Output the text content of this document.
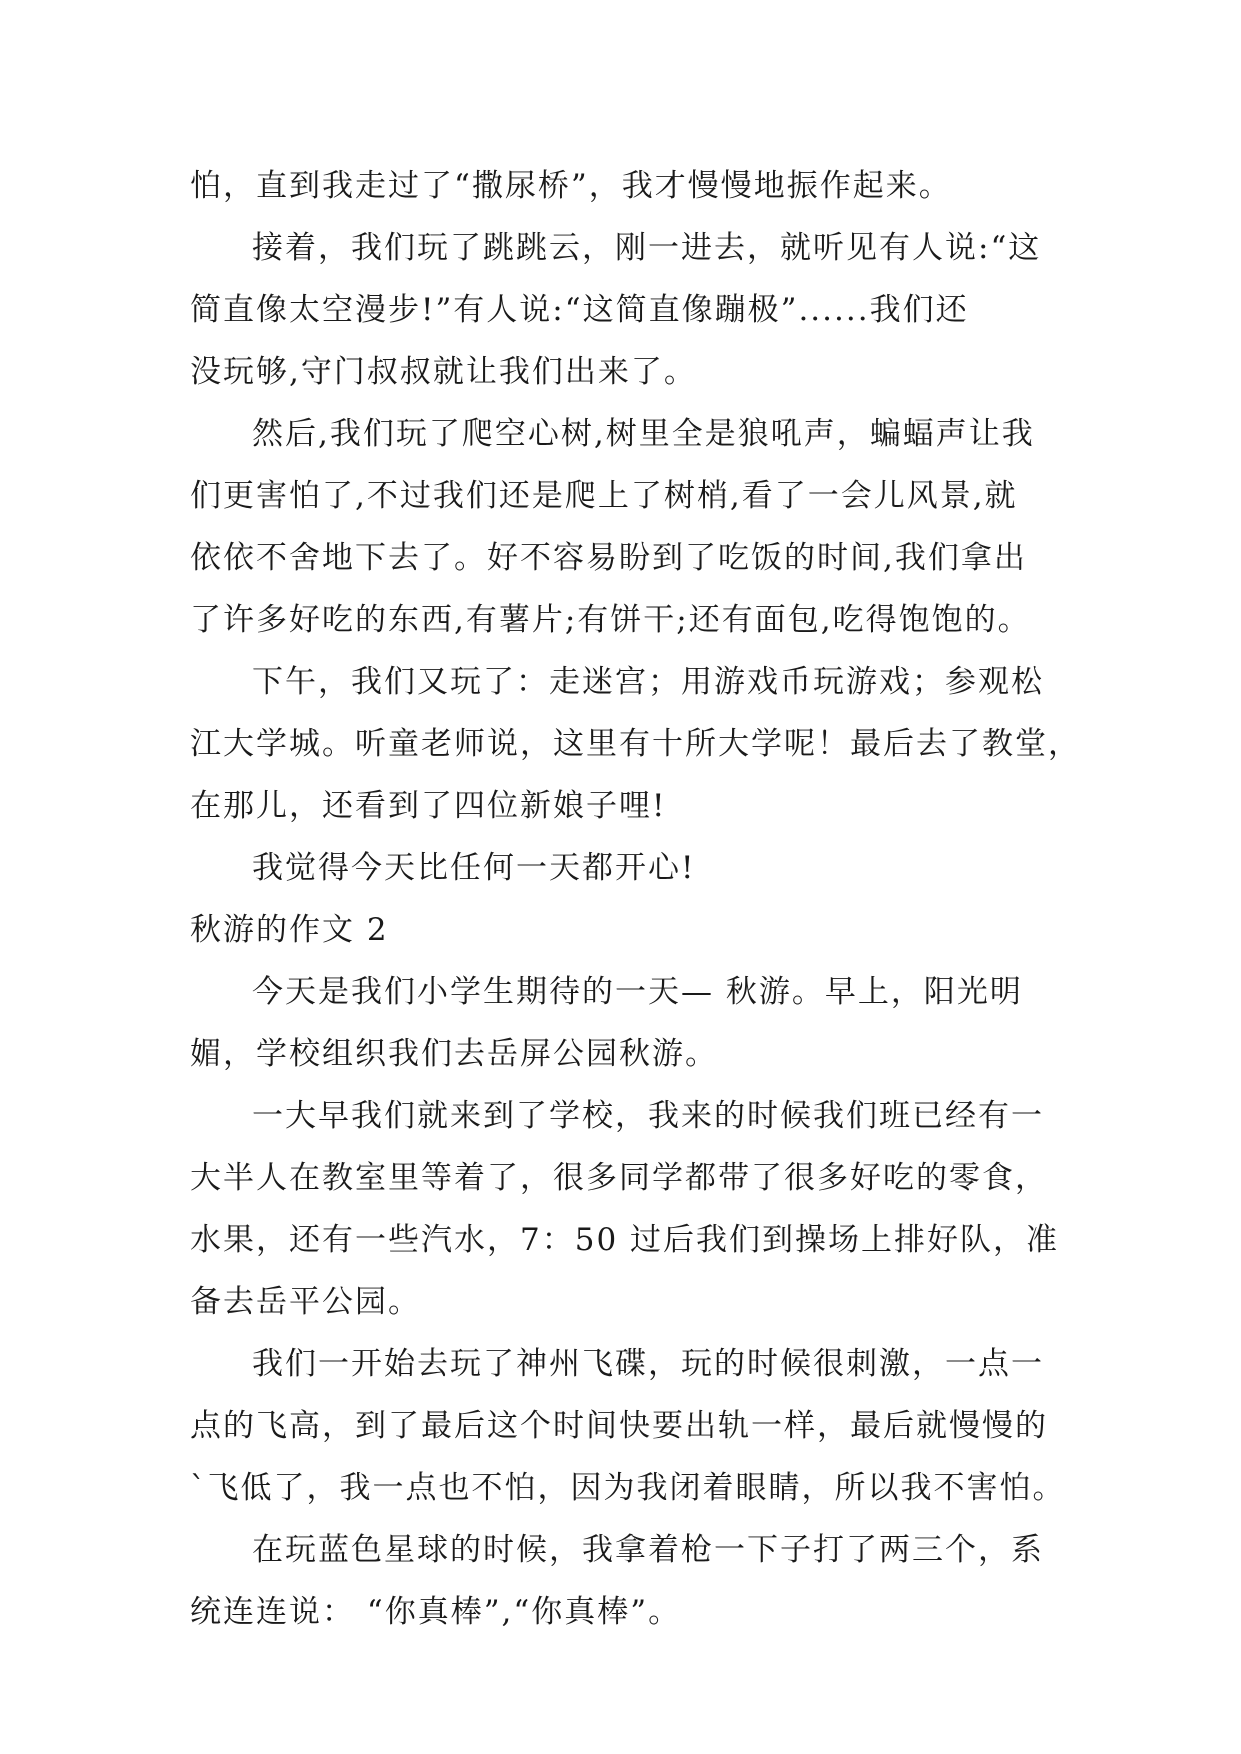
怕，直到我走过了“撒尿桥”，我才慢慢地振作起来。
接着，我们玩了跳跳云，刚一进去，就听见有人说:“这
简直像太空漫步!”有人说:“这简直像蹦极”......我们还
没玩够,守门叔叔就让我们出来了。
然后,我们玩了爬空心树,树里全是狼吼声，蝙蝠声让我
们更害怕了,不过我们还是爬上了树梢,看了一会儿风景,就
依依不舍地下去了。好不容易盼到了吃饭的时间,我们拿出
了许多好吃的东西,有薯片;有饼干;还有面包,吃得饱饱的。
下午，我们又玩了：走迷宫；用游戏币玩游戏；参观松
江大学城。听童老师说，这里有十所大学呢！最后去了教堂，
在那儿，还看到了四位新娘子哩!
我觉得今天比任何一天都开心!
秋游的作文 2
今天是我们小学生期待的一天— 秋游。早上，阳光明
媚，学校组织我们去岳屏公园秋游。
一大早我们就来到了学校，我来的时候我们班已经有一
大半人在教室里等着了，很多同学都带了很多好吃的零食，
水果，还有一些汽水，7：50 过后我们到操场上排好队，准
备去岳平公园。
我们一开始去玩了神州飞碟，玩的时候很刺激，一点一
点的飞高，到了最后这个时间快要出轨一样，最后就慢慢的
`飞低了，我一点也不怕，因为我闭着眼睛，所以我不害怕。
在玩蓝色星球的时候，我拿着枪一下子打了两三个，系
统连连说： “你真棒”,“你真棒”。
